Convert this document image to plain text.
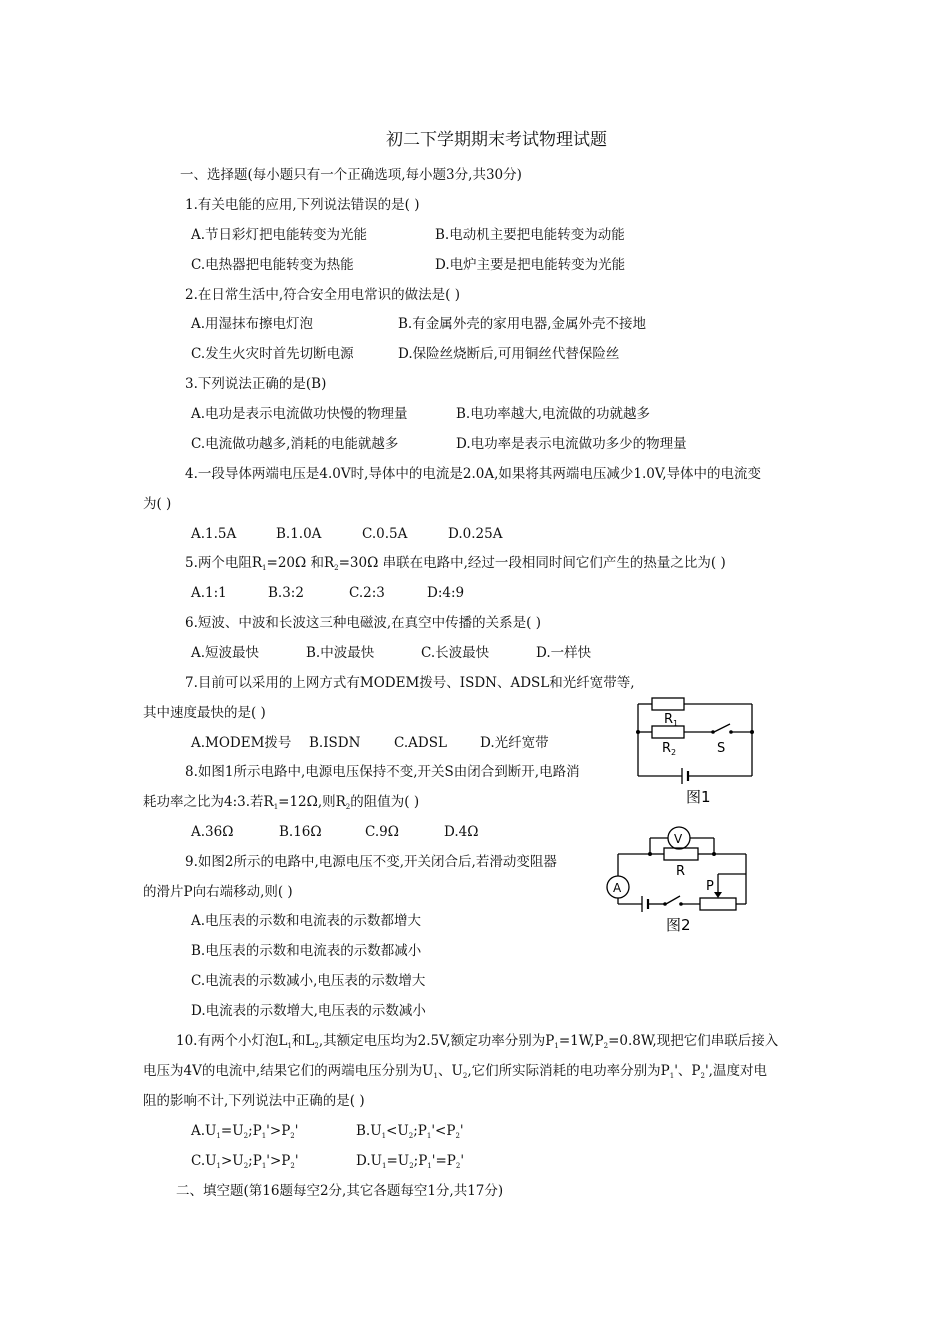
初二下学期期末考试物理试题
一、选择题(每小题只有一个正确选项,每小题3分,共30分)
1.有关电能的应用,下列说法错误的是( )
A.节日彩灯把电能转变为光能	B.电动机主要把电能转变为动能
C.电热器把电能转变为热能	D.电炉主要是把电能转变为光能
2.在日常生活中,符合安全用电常识的做法是( )
A.用湿抹布擦电灯泡	B.有金属外壳的家用电器,金属外壳不接地
C.发生火灾时首先切断电源	D.保险丝烧断后,可用铜丝代替保险丝
3.下列说法正确的是(B)
A.电功是表示电流做功快慢的物理量	B.电功率越大,电流做的功就越多
C.电流做功越多,消耗的电能就越多	D.电功率是表示电流做功多少的物理量
4.一段导体两端电压是4.0V时,导体中的电流是2.0A,如果将其两端电压减少1.0V,导体中的电流变
为( )
A.1.5A	B.1.0A	C.0.5A	D.0.25A
5.两个电阻$R_1=20\Omega$ 和$R_2=30\Omega$ 串联在电路中,经过一段相同时间它们产生的热量之比为( )
A.1:1	B.3:2	C.2:3	D:4:9
6.短波、中波和长波这三种电磁波,在真空中传播的关系是( )
A.短波最快	B.中波最快	C.长波最快	D.一样快
7.目前可以采用的上网方式有MODEM拨号、ISDN、ADSL和光纤宽带等,
其中速度最快的是( )
A.MODEM拨号 B.ISDN C.ADSL D.光纤宽带
8.如图1所示电路中,电源电压保持不变,开关S由闭合到断开,电路消
耗功率之比为4:3.若$R_1=12\Omega$,则$R_2$的阻值为( )
A.36Ω	B.16Ω	C.9Ω	D.4Ω
9.如图2所示的电路中,电源电压不变,开关闭合后,若滑动变阻器
的滑片P向右端移动,则( )
A.电压表的示数和电流表的示数都增大
B.电压表的示数和电流表的示数都减小
C.电流表的示数减小,电压表的示数增大
D.电流表的示数增大,电压表的示数减小
10.有两个小灯泡$L_1$和$L_2$,其额定电压均为2.5V,额定功率分别为$P_1=1W,P_2=0.8W$,现把它们串联后接入
电压为4V的电流中,结果它们的两端电压分别为$U_1$、$U_2$,它们所实际消耗的电功率分别为$P_1'$、$P_2'$,温度对电
阻的影响不计,下列说法中正确的是( )
$A.U_1=U_2;P_1'>P_2'$	$B.U_1<U_2;P_1'<P_2'$
$C.U_1>U_2;P_1'>P_2'$	$D.U_1=U_2;P_1'=P_2'$
二、填空题(第16题每空2分,其它各题每空1分,共17分)
$R_1$
$R_2$	S
图1
V
A
R
P
图2
